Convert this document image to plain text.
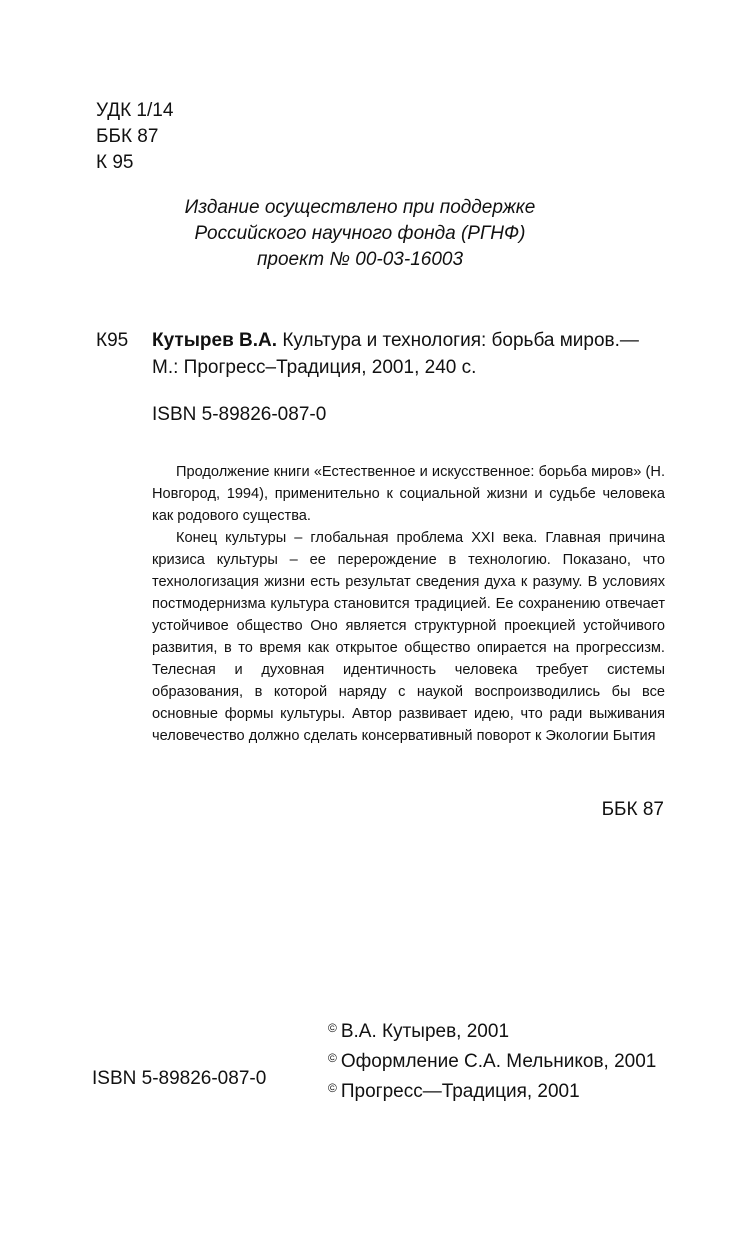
УДК 1/14
ББК 87
К 95
Издание осуществлено при поддержке
Российского научного фонда (РГНФ)
проект № 00-03-16003
К95 Кутырев В.А. Культура и технология: борьба миров.—
М.: Прогресс–Традиция, 2001, 240 с.
ISBN 5-89826-087-0

Продолжение книги «Естественное и искусственное: борьба миров» (Н. Новгород, 1994), применительно к социальной жизни и судьбе человека как родового существа.

Конец культуры – глобальная проблема XXI века. Главная причина кризиса культуры – ее перерождение в технологию. Показано, что технологизация жизни есть результат сведения духа к разуму. В условиях постмодернизма культура становится традицией. Ее сохранению отвечает устойчивое общество Оно является структурной проекцией устойчивого развития, в то время как открытое общество опирается на прогрессизм. Телесная и духовная идентичность человека требует системы образования, в которой наряду с наукой воспроизводились бы все основные формы культуры. Автор развивает идею, что ради выживания человечество должно сделать консервативный поворот к Экологии Бытия

ББК 87
ISBN 5-89826-087-0
© В.А. Кутырев, 2001
© Оформление С.А. Мельников, 2001
© Прогресс—Традиция, 2001
